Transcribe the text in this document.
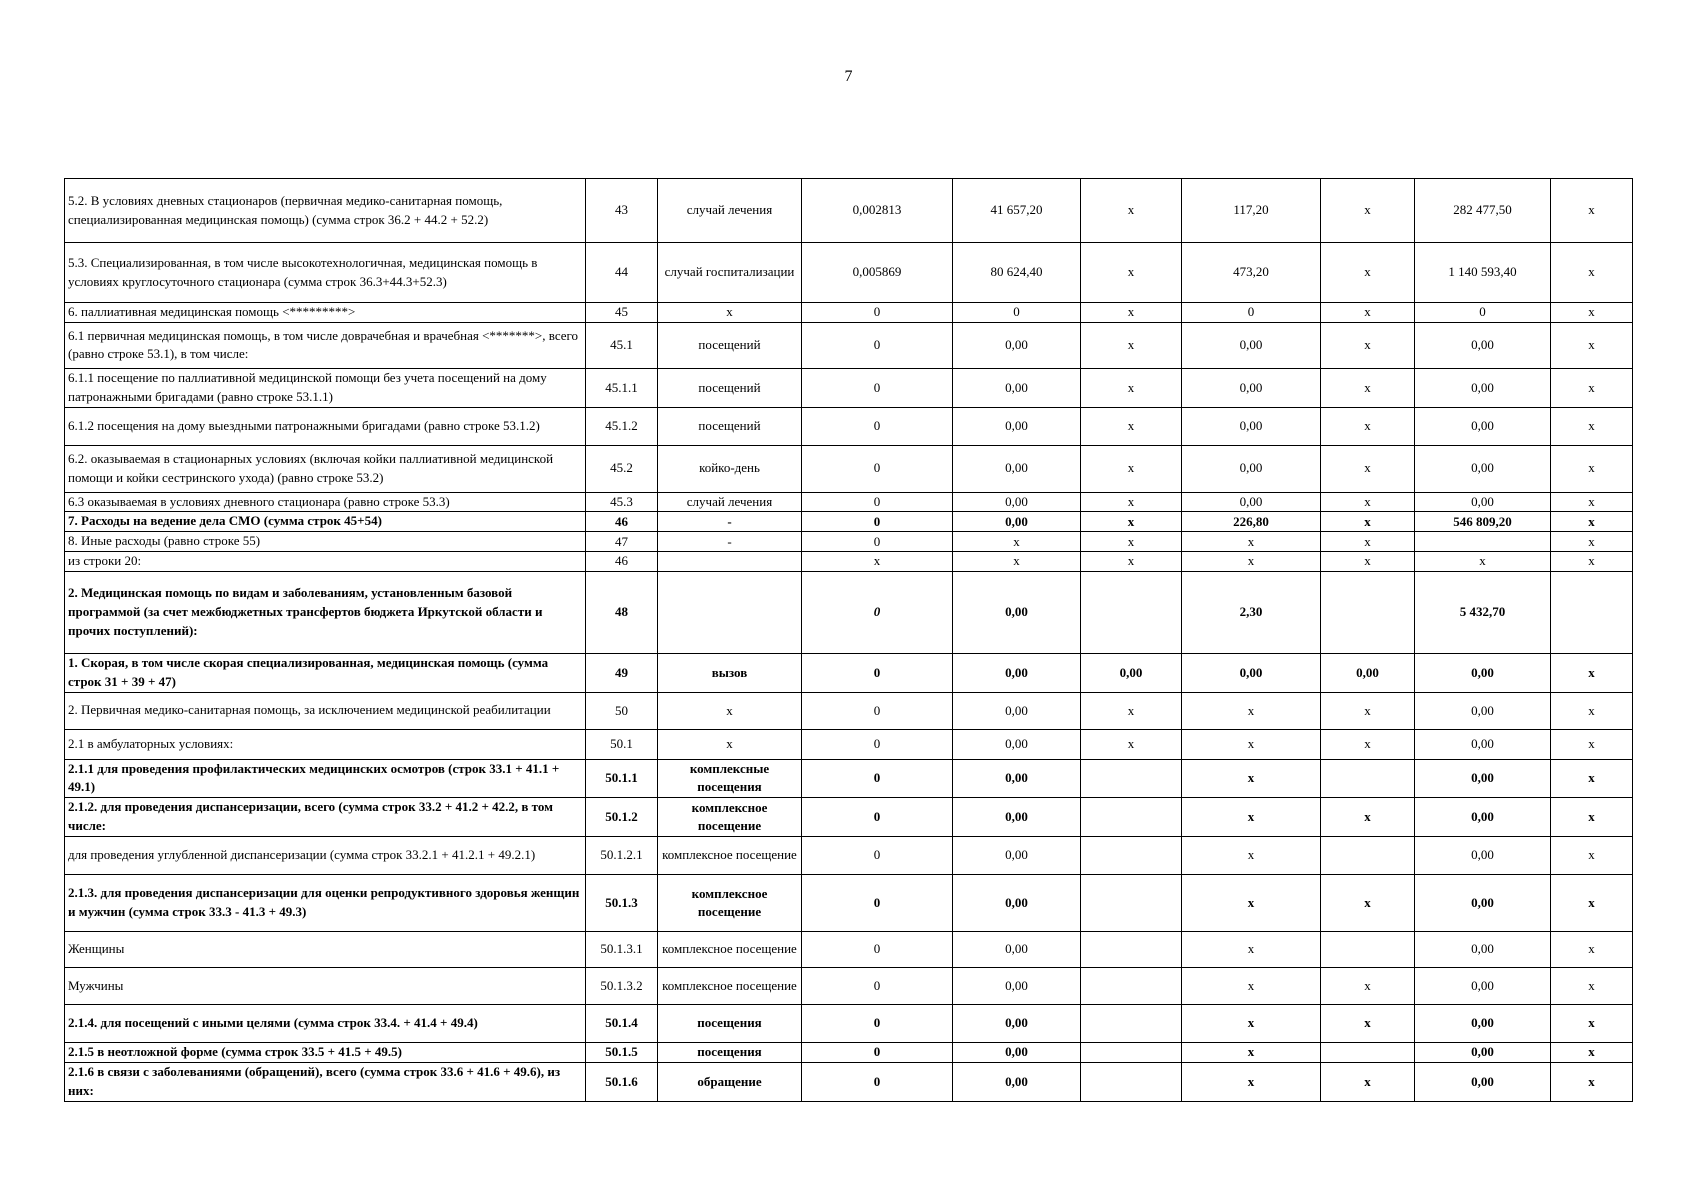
7
5.2. В условиях дневных стационаров (первичная медико-санитарная помощь, специализированная медицинская помощь) (сумма строк 36.2 + 44.2 + 52.2)	43	случай лечения	0,002813	41 657,20	х	117,20	х	282 477,50	х
5.3. Специализированная, в том числе высокотехнологичная, медицинская помощь в условиях круглосуточного стационара (сумма строк 36.3+44.3+52.3)	44	случай госпитализации	0,005869	80 624,40	х	473,20	х	1 140 593,40	х
6. паллиативная медицинская помощь <*********>	45	х	0	0	х	0	х	0	х
6.1 первичная медицинская помощь, в том числе доврачебная и врачебная <*******>, всего (равно строке 53.1), в том числе:	45.1	посещений	0	0,00	х	0,00	х	0,00	х
6.1.1 посещение по паллиативной медицинской помощи без учета посещений на дому патронажными бригадами (равно строке 53.1.1)	45.1.1	посещений	0	0,00	х	0,00	х	0,00	х
6.1.2 посещения на дому выездными патронажными бригадами (равно строке 53.1.2)	45.1.2	посещений	0	0,00	х	0,00	х	0,00	х
6.2. оказываемая в стационарных условиях (включая койки паллиативной медицинской помощи и койки сестринского ухода) (равно строке 53.2)	45.2	койко-день	0	0,00	х	0,00	х	0,00	х
6.3 оказываемая в условиях дневного стационара (равно строке 53.3)	45.3	случай лечения	0	0,00	х	0,00	х	0,00	х
7. Расходы на ведение дела СМО (сумма строк 45+54)	46	-	0	0,00	х	226,80	х	546 809,20	х
8. Иные расходы (равно строке 55)	47	-	0	х	х	х	х		х
из строки 20:	46		х	х	х	х	х	х	х
2. Медицинская помощь по видам и заболеваниям, установленным базовой программой (за счет межбюджетных трансфертов бюджета Иркутской области и прочих поступлений):	48		0	0,00		2,30		5 432,70	
1. Скорая, в том числе скорая специализированная, медицинская помощь (сумма строк 31 + 39 + 47)	49	вызов	0	0,00	0,00	0,00	0,00	0,00	х
2. Первичная медико-санитарная помощь, за исключением медицинской реабилитации	50	х	0	0,00	х	х	х	0,00	х
2.1 в амбулаторных условиях:	50.1	х	0	0,00	х	х	х	0,00	х
2.1.1 для проведения профилактических медицинских осмотров (строк 33.1 + 41.1 + 49.1)	50.1.1	комплексные посещения	0	0,00		х		0,00	х
2.1.2. для проведения диспансеризации, всего (сумма строк 33.2 + 41.2 + 42.2, в том числе:	50.1.2	комплексное посещение	0	0,00		х	х	0,00	х
для проведения углубленной диспансеризации (сумма строк 33.2.1 + 41.2.1 + 49.2.1)	50.1.2.1	комплексное посещение	0	0,00		х		0,00	х
2.1.3. для проведения диспансеризации для оценки репродуктивного здоровья женщин и мужчин (сумма строк 33.3 - 41.3 + 49.3)	50.1.3	комплексное посещение	0	0,00		х	х	0,00	х
Женщины	50.1.3.1	комплексное посещение	0	0,00		х		0,00	х
Мужчины	50.1.3.2	комплексное посещение	0	0,00		х	х	0,00	х
2.1.4. для посещений с иными целями (сумма строк 33.4. + 41.4 + 49.4)	50.1.4	посещения	0	0,00		х	х	0,00	х
2.1.5 в неотложной форме (сумма строк 33.5 + 41.5 + 49.5)	50.1.5	посещения	0	0,00		х		0,00	х
2.1.6 в связи с заболеваниями (обращений), всего (сумма строк 33.6 + 41.6 + 49.6), из них:	50.1.6	обращение	0	0,00		х	х	0,00	х
